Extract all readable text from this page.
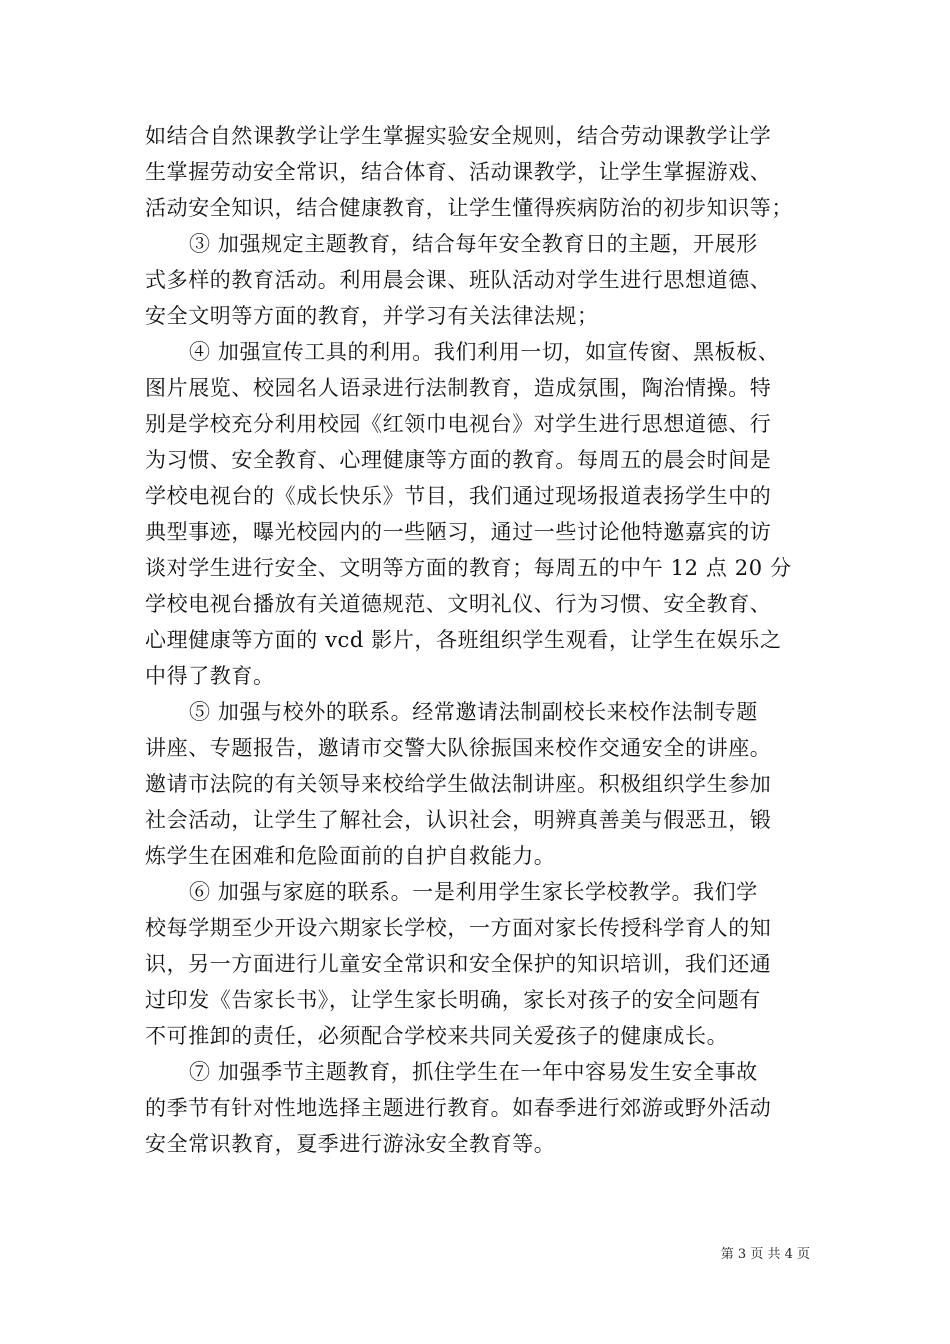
如结合自然课教学让学生掌握实验安全规则，结合劳动课教学让学
生掌握劳动安全常识，结合体育、活动课教学，让学生掌握游戏、
活动安全知识，结合健康教育，让学生懂得疾病防治的初步知识等；
③ 加强规定主题教育，结合每年安全教育日的主题，开展形
式多样的教育活动。利用晨会课、班队活动对学生进行思想道德、
安全文明等方面的教育，并学习有关法律法规；
④ 加强宣传工具的利用。我们利用一切，如宣传窗、黑板板、
图片展览、校园名人语录进行法制教育，造成氛围，陶治情操。特
别是学校充分利用校园《红领巾电视台》对学生进行思想道德、行
为习惯、安全教育、心理健康等方面的教育。每周五的晨会时间是
学校电视台的《成长快乐》节目，我们通过现场报道表扬学生中的
典型事迹，曝光校园内的一些陋习，通过一些讨论他特邀嘉宾的访
谈对学生进行安全、文明等方面的教育；每周五的中午 12 点 20 分
学校电视台播放有关道德规范、文明礼仪、行为习惯、安全教育、
心理健康等方面的 vcd 影片，各班组织学生观看，让学生在娱乐之
中得了教育。
⑤ 加强与校外的联系。经常邀请法制副校长来校作法制专题
讲座、专题报告，邀请市交警大队徐振国来校作交通安全的讲座。
邀请市法院的有关领导来校给学生做法制讲座。积极组织学生参加
社会活动，让学生了解社会，认识社会，明辨真善美与假恶丑，锻
炼学生在困难和危险面前的自护自救能力。
⑥ 加强与家庭的联系。一是利用学生家长学校教学。我们学
校每学期至少开设六期家长学校，一方面对家长传授科学育人的知
识，另一方面进行儿童安全常识和安全保护的知识培训，我们还通
过印发《告家长书》，让学生家长明确，家长对孩子的安全问题有
不可推卸的责任，必须配合学校来共同关爱孩子的健康成长。
⑦ 加强季节主题教育，抓住学生在一年中容易发生安全事故
的季节有针对性地选择主题进行教育。如春季进行郊游或野外活动
安全常识教育，夏季进行游泳安全教育等。
第 3 页 共 4 页
